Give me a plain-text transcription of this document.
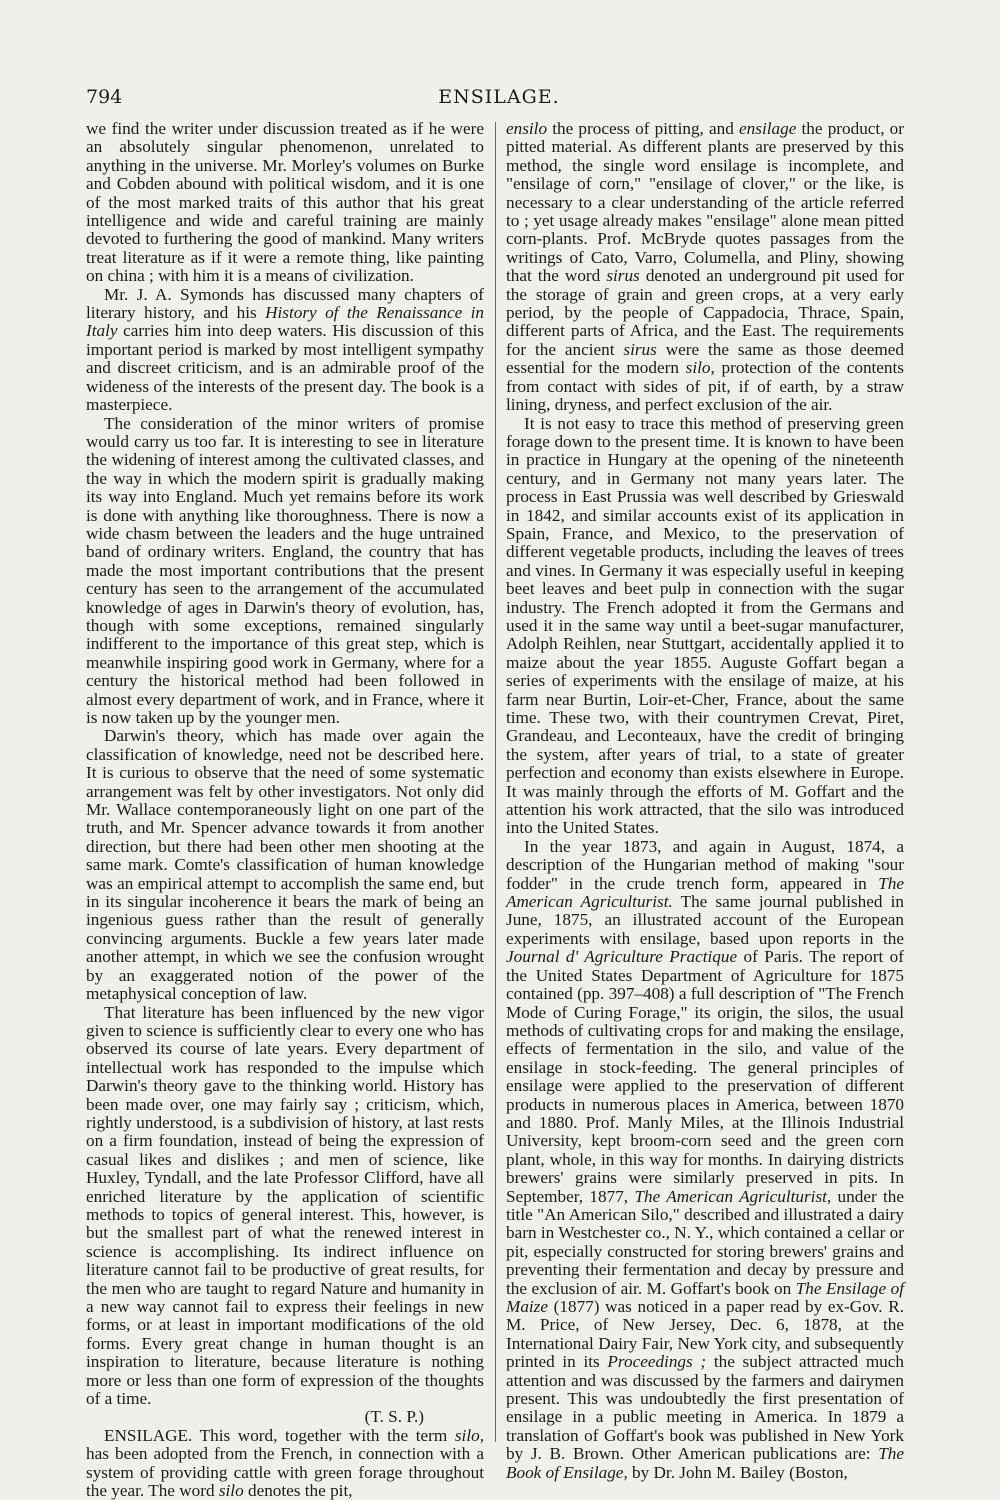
794	ENSILAGE.

we find the writer under discussion treated as if he were an absolutely singular phenomenon, unrelated to anything in the universe. Mr. Morley's volumes on Burke and Cobden abound with political wisdom, and it is one of the most marked traits of this author that his great intelligence and wide and careful training are mainly devoted to furthering the good of mankind. Many writers treat literature as if it were a remote thing, like painting on china ; with him it is a means of civilization.

Mr. J. A. Symonds has discussed many chapters of literary history, and his History of the Renaissance in Italy carries him into deep waters. His discussion of this important period is marked by most intelligent sympathy and discreet criticism, and is an admirable proof of the wideness of the interests of the present day. The book is a masterpiece.

The consideration of the minor writers of promise would carry us too far. It is interesting to see in literature the widening of interest among the cultivated classes, and the way in which the modern spirit is gradually making its way into England. Much yet remains before its work is done with anything like thoroughness. There is now a wide chasm between the leaders and the huge untrained band of ordinary writers. England, the country that has made the most important contributions that the present century has seen to the arrangement of the accumulated knowledge of ages in Darwin's theory of evolution, has, though with some exceptions, remained singularly indifferent to the importance of this great step, which is meanwhile inspiring good work in Germany, where for a century the historical method had been followed in almost every department of work, and in France, where it is now taken up by the younger men.

Darwin's theory, which has made over again the classification of knowledge, need not be described here. It is curious to observe that the need of some systematic arrangement was felt by other investigators. Not only did Mr. Wallace contemporaneously light on one part of the truth, and Mr. Spencer advance towards it from another direction, but there had been other men shooting at the same mark. Comte's classification of human knowledge was an empirical attempt to accomplish the same end, but in its singular incoherence it bears the mark of being an ingenious guess rather than the result of generally convincing arguments. Buckle a few years later made another attempt, in which we see the confusion wrought by an exaggerated notion of the power of the metaphysical conception of law.

That literature has been influenced by the new vigor given to science is sufficiently clear to every one who has observed its course of late years. Every department of intellectual work has responded to the impulse which Darwin's theory gave to the thinking world. History has been made over, one may fairly say ; criticism, which, rightly understood, is a subdivision of history, at last rests on a firm foundation, instead of being the expression of casual likes and dislikes ; and men of science, like Huxley, Tyndall, and the late Professor Clifford, have all enriched literature by the application of scientific methods to topics of general interest. This, however, is but the smallest part of what the renewed interest in science is accomplishing. Its indirect influence on literature cannot fail to be productive of great results, for the men who are taught to regard Nature and humanity in a new way cannot fail to express their feelings in new forms, or at least in important modifications of the old forms. Every great change in human thought is an inspiration to literature, because literature is nothing more or less than one form of expression of the thoughts of a time.

(T. S. P.)

ENSILAGE. This word, together with the term silo, has been adopted from the French, in connection with a system of providing cattle with green forage throughout the year. The word silo denotes the pit,

ensilo the process of pitting, and ensilage the product, or pitted material. As different plants are preserved by this method, the single word ensilage is incomplete, and "ensilage of corn," "ensilage of clover," or the like, is necessary to a clear understanding of the article referred to ; yet usage already makes "ensilage" alone mean pitted corn-plants. Prof. McBryde quotes passages from the writings of Cato, Varro, Columella, and Pliny, showing that the word sirus denoted an underground pit used for the storage of grain and green crops, at a very early period, by the people of Cappadocia, Thrace, Spain, different parts of Africa, and the East. The requirements for the ancient sirus were the same as those deemed essential for the modern silo, protection of the contents from contact with sides of pit, if of earth, by a straw lining, dryness, and perfect exclusion of the air.

It is not easy to trace this method of preserving green forage down to the present time. It is known to have been in practice in Hungary at the opening of the nineteenth century, and in Germany not many years later. The process in East Prussia was well described by Grieswald in 1842, and similar accounts exist of its application in Spain, France, and Mexico, to the preservation of different vegetable products, including the leaves of trees and vines. In Germany it was especially useful in keeping beet leaves and beet pulp in connection with the sugar industry. The French adopted it from the Germans and used it in the same way until a beet-sugar manufacturer, Adolph Reihlen, near Stuttgart, accidentally applied it to maize about the year 1855. Auguste Goffart began a series of experiments with the ensilage of maize, at his farm near Burtin, Loir-et-Cher, France, about the same time. These two, with their countrymen Crevat, Piret, Grandeau, and Leconteaux, have the credit of bringing the system, after years of trial, to a state of greater perfection and economy than exists elsewhere in Europe. It was mainly through the efforts of M. Goffart and the attention his work attracted, that the silo was introduced into the United States.

In the year 1873, and again in August, 1874, a description of the Hungarian method of making "sour fodder" in the crude trench form, appeared in The American Agriculturist. The same journal published in June, 1875, an illustrated account of the European experiments with ensilage, based upon reports in the Journal d' Agriculture Practique of Paris. The report of the United States Department of Agriculture for 1875 contained (pp. 397–408) a full description of "The French Mode of Curing Forage," its origin, the silos, the usual methods of cultivating crops for and making the ensilage, effects of fermentation in the silo, and value of the ensilage in stock-feeding. The general principles of ensilage were applied to the preservation of different products in numerous places in America, between 1870 and 1880. Prof. Manly Miles, at the Illinois Industrial University, kept broom-corn seed and the green corn plant, whole, in this way for months. In dairying districts brewers' grains were similarly preserved in pits. In September, 1877, The American Agriculturist, under the title "An American Silo," described and illustrated a dairy barn in Westchester co., N. Y., which contained a cellar or pit, especially constructed for storing brewers' grains and preventing their fermentation and decay by pressure and the exclusion of air. M. Goffart's book on The Ensilage of Maize (1877) was noticed in a paper read by ex-Gov. R. M. Price, of New Jersey, Dec. 6, 1878, at the International Dairy Fair, New York city, and subsequently printed in its Proceedings ; the subject attracted much attention and was discussed by the farmers and dairymen present. This was undoubtedly the first presentation of ensilage in a public meeting in America. In 1879 a translation of Goffart's book was published in New York by J. B. Brown. Other American publications are: The Book of Ensilage, by Dr. John M. Bailey (Boston,
